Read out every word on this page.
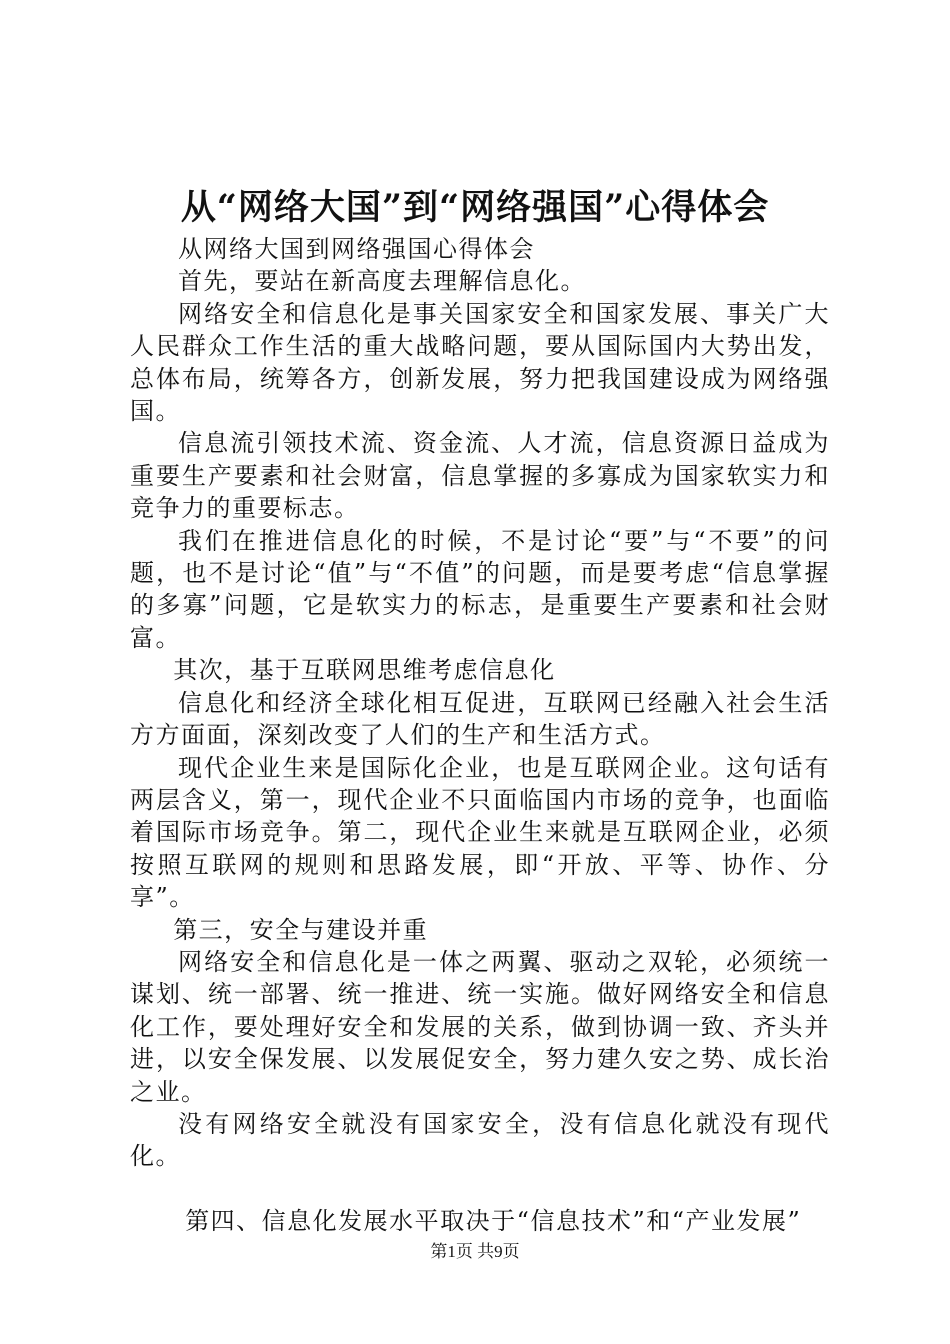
从“网络大国”到“网络强国”心得体会

从网络大国到网络强国心得体会

首先，要站在新高度去理解信息化。

网络安全和信息化是事关国家安全和国家发展、事关广大人民群众工作生活的重大战略问题，要从国际国内大势出发，总体布局，统筹各方，创新发展，努力把我国建设成为网络强国。

信息流引领技术流、资金流、人才流，信息资源日益成为重要生产要素和社会财富，信息掌握的多寡成为国家软实力和竞争力的重要标志。

我们在推进信息化的时候，不是讨论“要”与“不要”的问题，也不是讨论“值”与“不值”的问题，而是要考虑“信息掌握的多寡”问题，它是软实力的标志，是重要生产要素和社会财富。

其次，基于互联网思维考虑信息化

信息化和经济全球化相互促进，互联网已经融入社会生活方方面面，深刻改变了人们的生产和生活方式。

现代企业生来是国际化企业，也是互联网企业。这句话有两层含义，第一，现代企业不只面临国内市场的竞争，也面临着国际市场竞争。第二，现代企业生来就是互联网企业，必须按照互联网的规则和思路发展，即“开放、平等、协作、分享”。

第三，安全与建设并重

网络安全和信息化是一体之两翼、驱动之双轮，必须统一谋划、统一部署、统一推进、统一实施。做好网络安全和信息化工作，要处理好安全和发展的关系，做到协调一致、齐头并进，以安全保发展、以发展促安全，努力建久安之势、成长治之业。

没有网络安全就没有国家安全，没有信息化就没有现代化。

第四、信息化发展水平取决于“信息技术”和“产业发展”

第1页 共9页
